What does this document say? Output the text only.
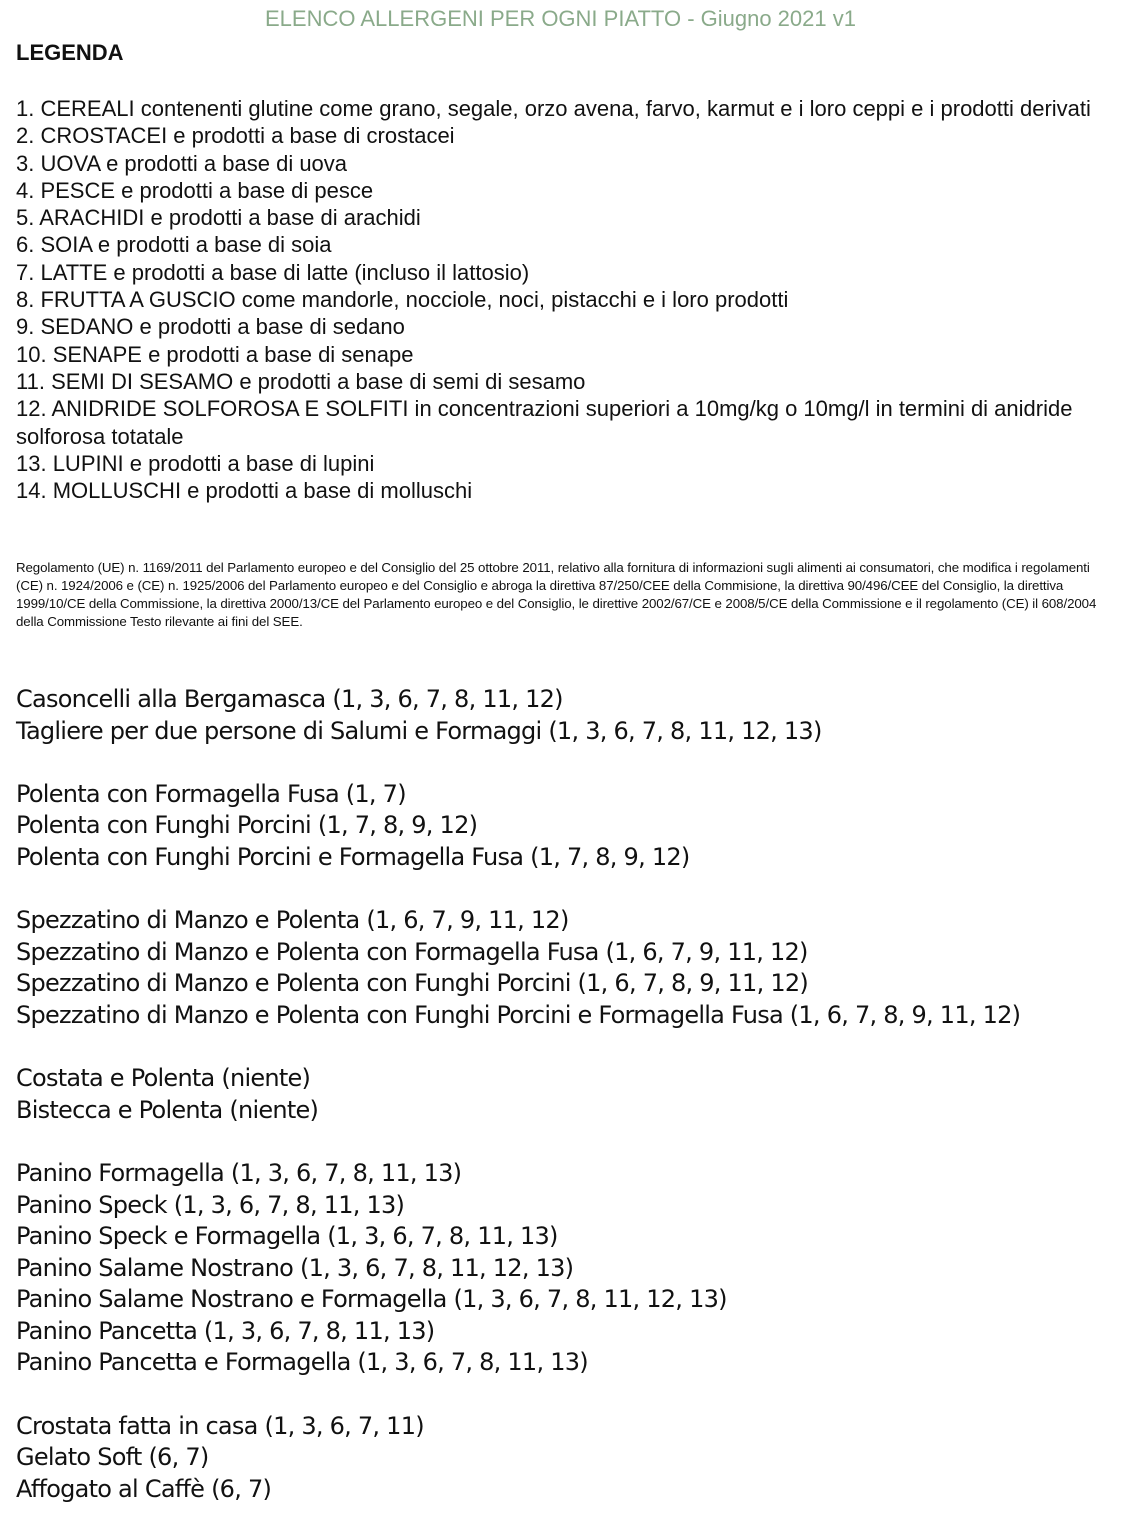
ELENCO ALLERGENI PER OGNI PIATTO - Giugno 2021 v1
LEGENDA
1. CEREALI contenenti glutine come grano, segale, orzo avena, farvo, karmut e i loro ceppi e i prodotti derivati
2. CROSTACEI e prodotti a base di crostacei
3. UOVA e prodotti a base di uova
4. PESCE e prodotti a base di pesce
5. ARACHIDI e prodotti a base di arachidi
6. SOIA e prodotti a base di soia
7. LATTE e prodotti a base di latte (incluso il lattosio)
8. FRUTTA A GUSCIO come mandorle, nocciole, noci, pistacchi e i loro prodotti
9. SEDANO e prodotti a base di sedano
10. SENAPE e prodotti a base di senape
11. SEMI DI SESAMO e prodotti a base di semi di sesamo
12. ANIDRIDE SOLFOROSA E SOLFITI in concentrazioni superiori a 10mg/kg o 10mg/l in termini di anidride solforosa totatale
13. LUPINI e prodotti a base di lupini
14. MOLLUSCHI e prodotti a base di molluschi

Regolamento (UE) n. 1169/2011 del Parlamento europeo e del Consiglio del 25 ottobre 2011, relativo alla fornitura di informazioni sugli alimenti ai consumatori, che modifica i regolamenti (CE) n. 1924/2006 e (CE) n. 1925/2006 del Parlamento europeo e del Consiglio e abroga la direttiva 87/250/CEE della Commisione, la direttiva 90/496/CEE del Consiglio, la direttiva 1999/10/CE della Commissione, la direttiva 2000/13/CE del Parlamento europeo e del Consiglio, le direttive 2002/67/CE e 2008/5/CE della Commissione e il regolamento (CE) il 608/2004 della Commissione Testo rilevante ai fini del SEE.

Casoncelli alla Bergamasca (1, 3, 6, 7, 8, 11, 12)
Tagliere per due persone di Salumi e Formaggi (1, 3, 6, 7, 8, 11, 12, 13)
Polenta con Formagella Fusa (1, 7)
Polenta con Funghi Porcini (1, 7, 8, 9, 12)
Polenta con Funghi Porcini e Formagella Fusa (1, 7, 8, 9, 12)
Spezzatino di Manzo e Polenta (1, 6, 7, 9, 11, 12)
Spezzatino di Manzo e Polenta con Formagella Fusa (1, 6, 7, 9, 11, 12)
Spezzatino di Manzo e Polenta con Funghi Porcini (1, 6, 7, 8, 9, 11, 12)
Spezzatino di Manzo e Polenta con Funghi Porcini e Formagella Fusa (1, 6, 7, 8, 9, 11, 12)
Costata e Polenta (niente)
Bistecca e Polenta (niente)
Panino Formagella (1, 3, 6, 7, 8, 11, 13)
Panino Speck (1, 3, 6, 7, 8, 11, 13)
Panino Speck e Formagella (1, 3, 6, 7, 8, 11, 13)
Panino Salame Nostrano (1, 3, 6, 7, 8, 11, 12, 13)
Panino Salame Nostrano e Formagella (1, 3, 6, 7, 8, 11, 12, 13)
Panino Pancetta (1, 3, 6, 7, 8, 11, 13)
Panino Pancetta e Formagella (1, 3, 6, 7, 8, 11, 13)
Crostata fatta in casa (1, 3, 6, 7, 11)
Gelato Soft (6, 7)
Affogato al Caffè (6, 7)
